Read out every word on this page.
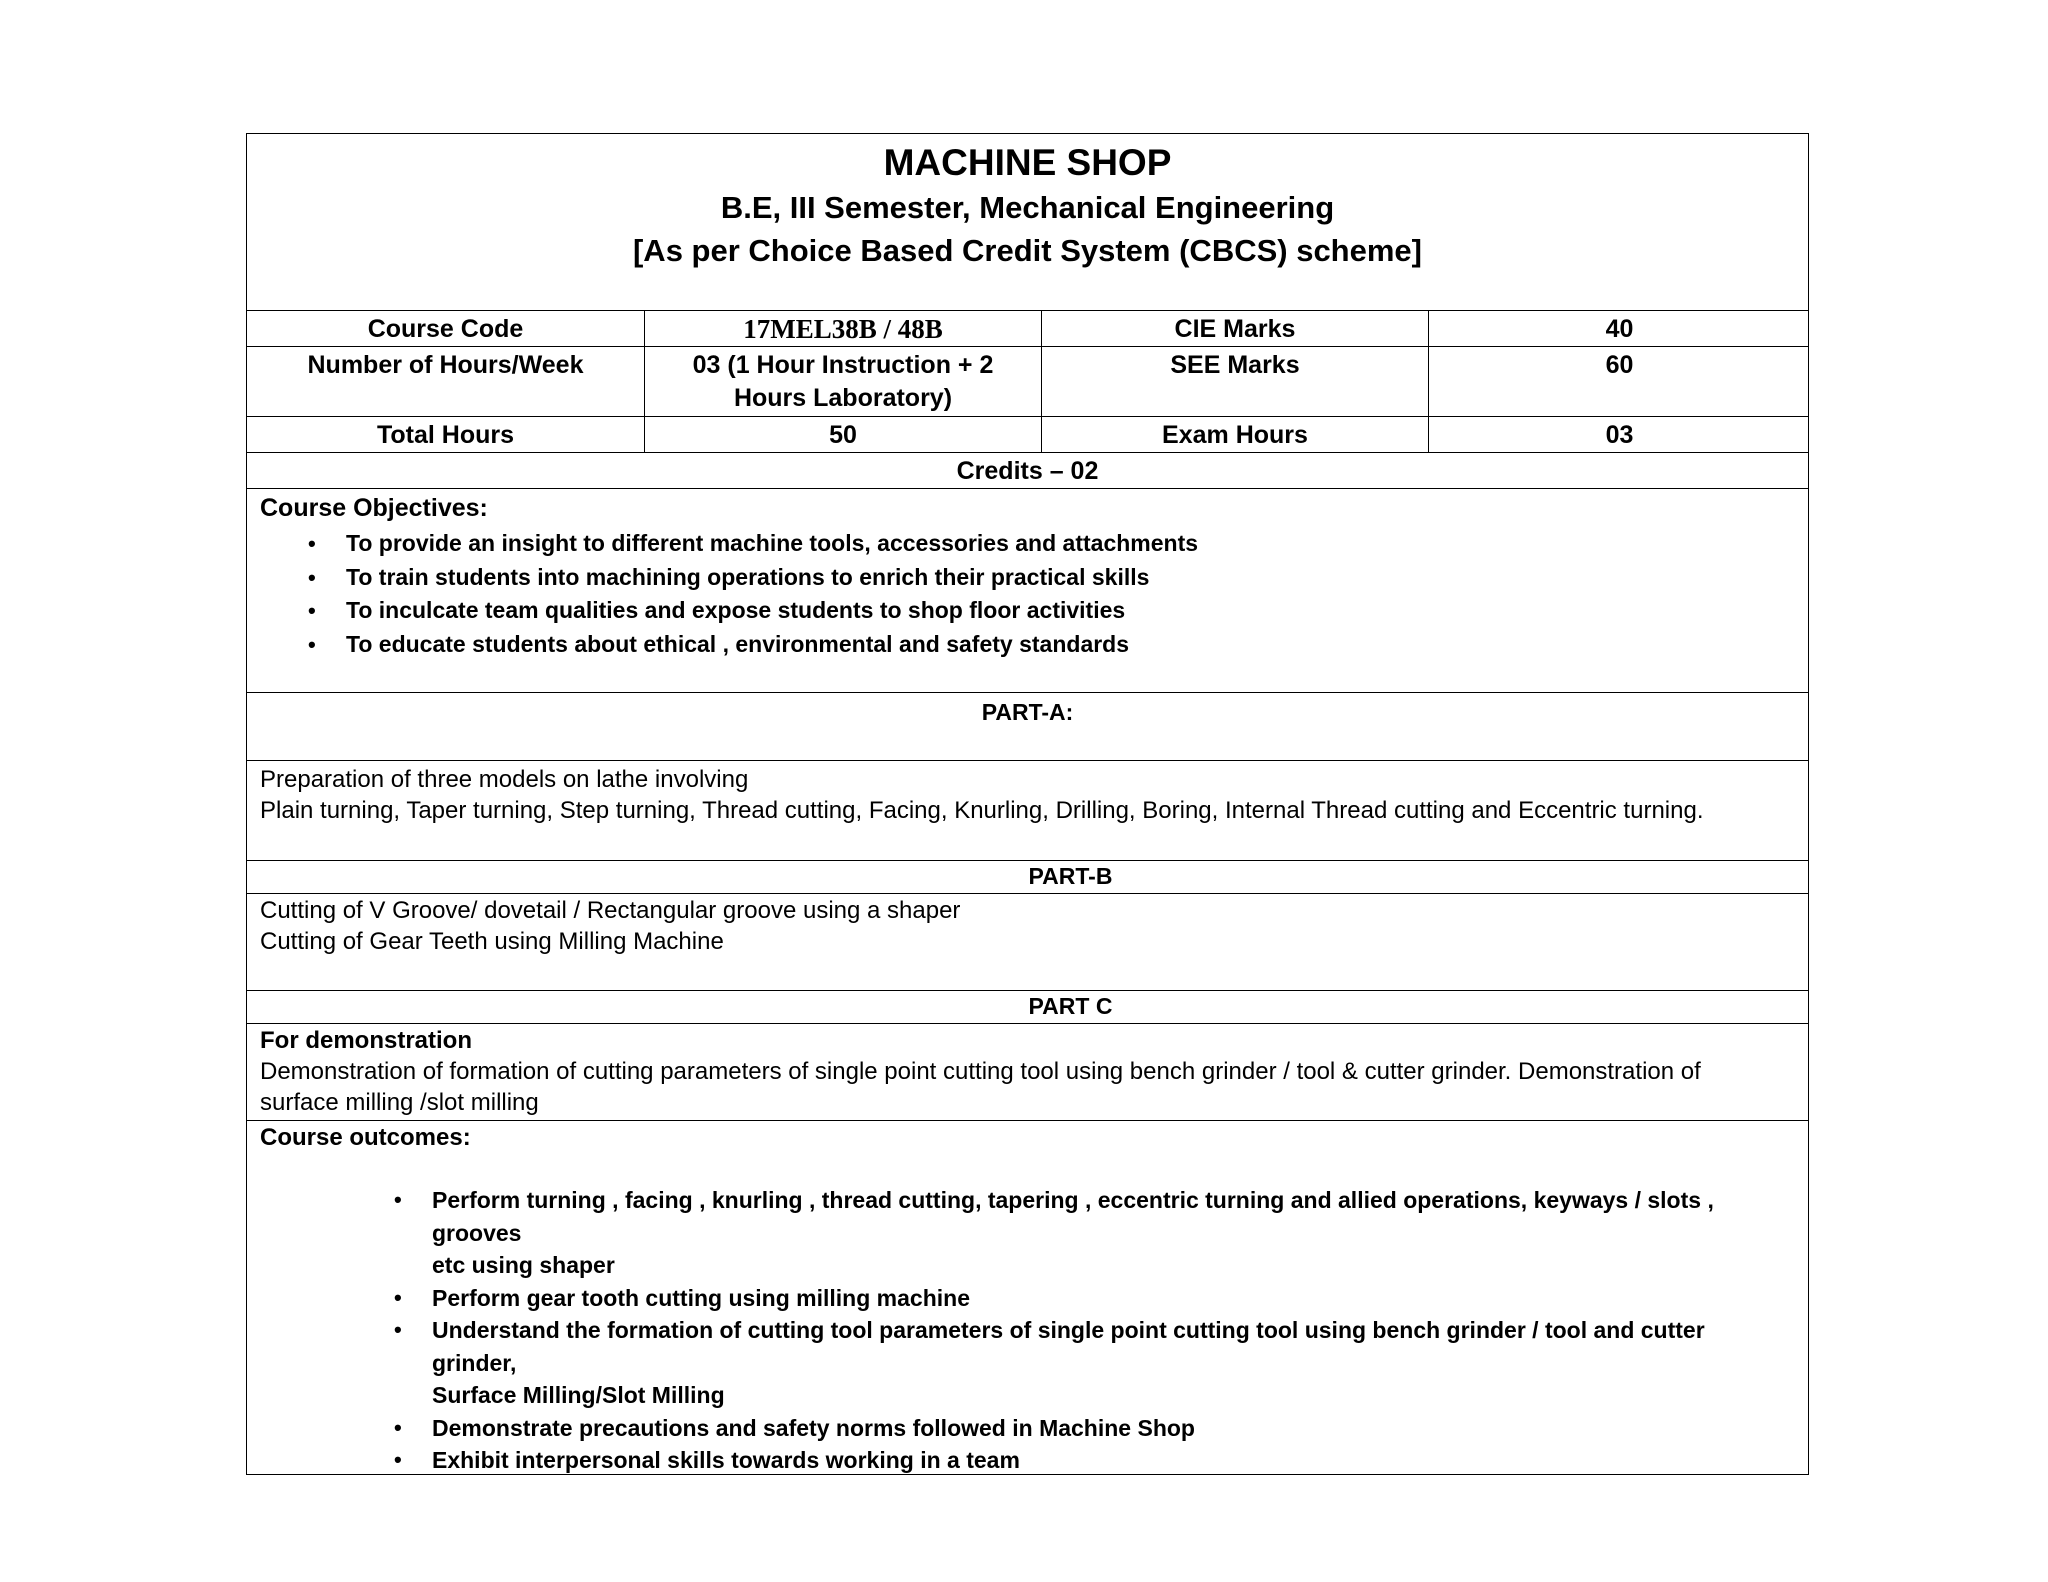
MACHINE SHOP
B.E, III Semester, Mechanical Engineering
[As per Choice Based Credit System (CBCS) scheme]
Course Code	17MEL38B / 48B	CIE Marks	40
Number of Hours/Week	03 (1 Hour Instruction + 2
Hours Laboratory)
SEE Marks	60
Total Hours	50	Exam Hours	03
Credits – 02
Course Objectives:
• To provide an insight to different machine tools, accessories and attachments
• To train students into machining operations to enrich their practical skills
• To inculcate team qualities and expose students to shop floor activities
• To educate students about ethical , environmental and safety standards
PART-A:
Preparation of three models on lathe involving
Plain turning, Taper turning, Step turning, Thread cutting, Facing, Knurling, Drilling, Boring, Internal Thread cutting and Eccentric turning.
PART-B
Cutting of V Groove/ dovetail / Rectangular groove using a shaper
Cutting of Gear Teeth using Milling Machine
PART C
For demonstration
Demonstration of formation of cutting parameters of single point cutting tool using bench grinder / tool & cutter grinder. Demonstration of
surface milling /slot milling
Course outcomes:
• Perform turning , facing , knurling , thread cutting, tapering , eccentric turning and allied operations, keyways / slots , grooves
etc using shaper
• Perform gear tooth cutting using milling machine
• Understand the formation of cutting tool parameters of single point cutting tool using bench grinder / tool and cutter grinder,
Surface Milling/Slot Milling
• Demonstrate precautions and safety norms followed in Machine Shop
• Exhibit interpersonal skills towards working in a team
